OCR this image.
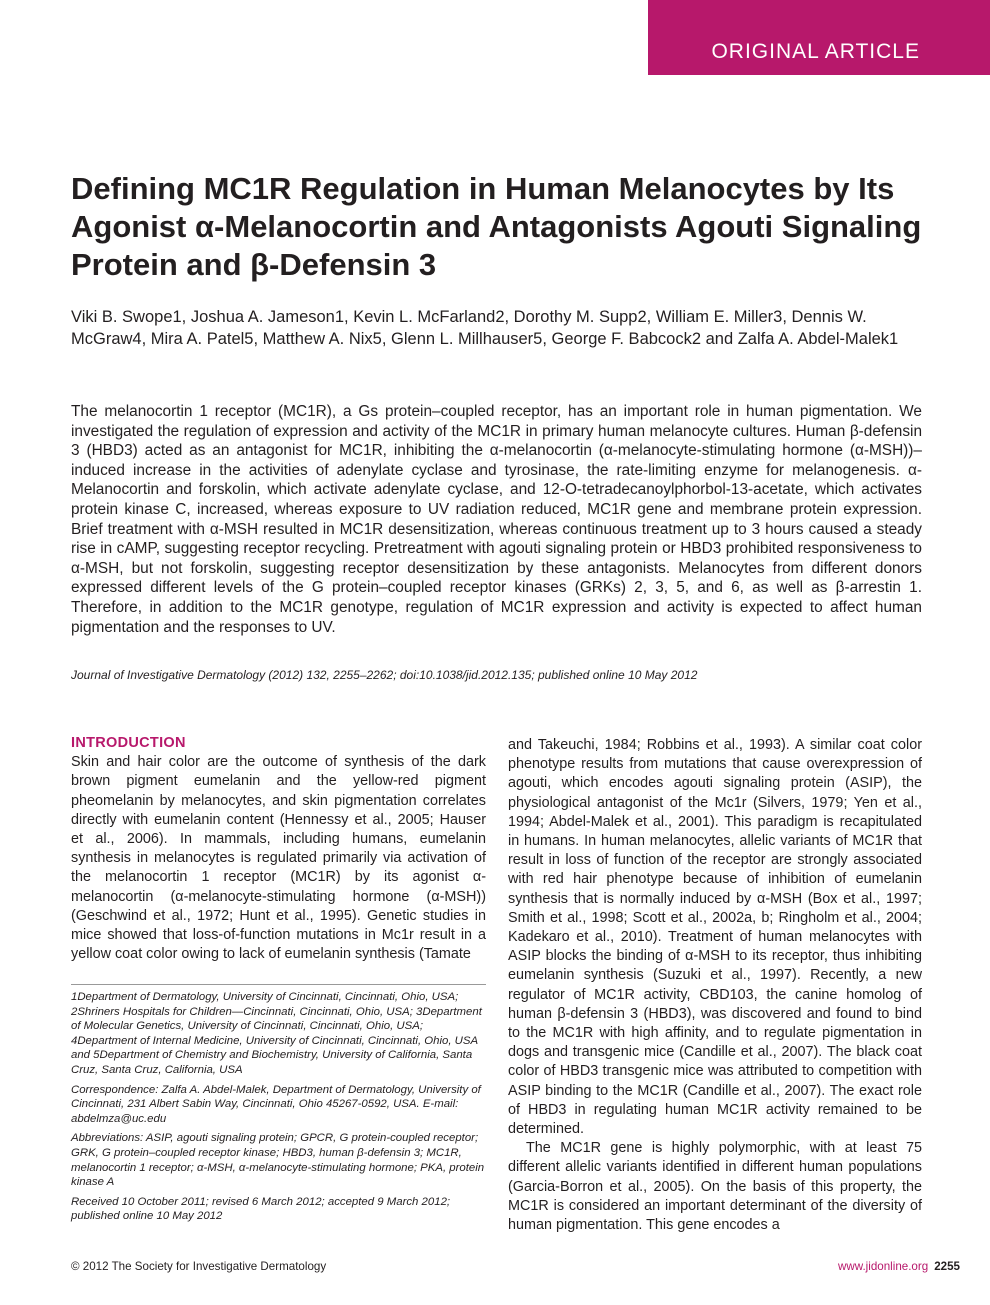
ORIGINAL ARTICLE
Defining MC1R Regulation in Human Melanocytes by Its Agonist α-Melanocortin and Antagonists Agouti Signaling Protein and β-Defensin 3
Viki B. Swope1, Joshua A. Jameson1, Kevin L. McFarland2, Dorothy M. Supp2, William E. Miller3, Dennis W. McGraw4, Mira A. Patel5, Matthew A. Nix5, Glenn L. Millhauser5, George F. Babcock2 and Zalfa A. Abdel-Malek1
The melanocortin 1 receptor (MC1R), a Gs protein–coupled receptor, has an important role in human pigmentation. We investigated the regulation of expression and activity of the MC1R in primary human melanocyte cultures. Human β-defensin 3 (HBD3) acted as an antagonist for MC1R, inhibiting the α-melanocortin (α-melanocyte-stimulating hormone (α-MSH))–induced increase in the activities of adenylate cyclase and tyrosinase, the rate-limiting enzyme for melanogenesis. α-Melanocortin and forskolin, which activate adenylate cyclase, and 12-O-tetradecanoylphorbol-13-acetate, which activates protein kinase C, increased, whereas exposure to UV radiation reduced, MC1R gene and membrane protein expression. Brief treatment with α-MSH resulted in MC1R desensitization, whereas continuous treatment up to 3 hours caused a steady rise in cAMP, suggesting receptor recycling. Pretreatment with agouti signaling protein or HBD3 prohibited responsiveness to α-MSH, but not forskolin, suggesting receptor desensitization by these antagonists. Melanocytes from different donors expressed different levels of the G protein–coupled receptor kinases (GRKs) 2, 3, 5, and 6, as well as β-arrestin 1. Therefore, in addition to the MC1R genotype, regulation of MC1R expression and activity is expected to affect human pigmentation and the responses to UV.
Journal of Investigative Dermatology (2012) 132, 2255–2262; doi:10.1038/jid.2012.135; published online 10 May 2012
INTRODUCTION

Skin and hair color are the outcome of synthesis of the dark brown pigment eumelanin and the yellow-red pigment pheomelanin by melanocytes, and skin pigmentation correlates directly with eumelanin content (Hennessy et al., 2005; Hauser et al., 2006). In mammals, including humans, eumelanin synthesis in melanocytes is regulated primarily via activation of the melanocortin 1 receptor (MC1R) by its agonist α-melanocortin (α-melanocyte-stimulating hormone (α-MSH)) (Geschwind et al., 1972; Hunt et al., 1995). Genetic studies in mice showed that loss-of-function mutations in Mc1r result in a yellow coat color owing to lack of eumelanin synthesis (Tamate

1Department of Dermatology, University of Cincinnati, Cincinnati, Ohio, USA; 2Shriners Hospitals for Children—Cincinnati, Cincinnati, Ohio, USA; 3Department of Molecular Genetics, University of Cincinnati, Cincinnati, Ohio, USA; 4Department of Internal Medicine, University of Cincinnati, Cincinnati, Ohio, USA and 5Department of Chemistry and Biochemistry, University of California, Santa Cruz, Santa Cruz, California, USA

Correspondence: Zalfa A. Abdel-Malek, Department of Dermatology, University of Cincinnati, 231 Albert Sabin Way, Cincinnati, Ohio 45267-0592, USA. E-mail: abdelmza@uc.edu

Abbreviations: ASIP, agouti signaling protein; GPCR, G protein-coupled receptor; GRK, G protein–coupled receptor kinase; HBD3, human β-defensin 3; MC1R, melanocortin 1 receptor; α-MSH, α-melanocyte-stimulating hormone; PKA, protein kinase A

Received 10 October 2011; revised 6 March 2012; accepted 9 March 2012; published online 10 May 2012

and Takeuchi, 1984; Robbins et al., 1993). A similar coat color phenotype results from mutations that cause overexpression of agouti, which encodes agouti signaling protein (ASIP), the physiological antagonist of the Mc1r (Silvers, 1979; Yen et al., 1994; Abdel-Malek et al., 2001). This paradigm is recapitulated in humans. In human melanocytes, allelic variants of MC1R that result in loss of function of the receptor are strongly associated with red hair phenotype because of inhibition of eumelanin synthesis that is normally induced by α-MSH (Box et al., 1997; Smith et al., 1998; Scott et al., 2002a, b; Ringholm et al., 2004; Kadekaro et al., 2010). Treatment of human melanocytes with ASIP blocks the binding of α-MSH to its receptor, thus inhibiting eumelanin synthesis (Suzuki et al., 1997). Recently, a new regulator of MC1R activity, CBD103, the canine homolog of human β-defensin 3 (HBD3), was discovered and found to bind to the MC1R with high affinity, and to regulate pigmentation in dogs and transgenic mice (Candille et al., 2007). The black coat color of HBD3 transgenic mice was attributed to competition with ASIP binding to the MC1R (Candille et al., 2007). The exact role of HBD3 in regulating human MC1R activity remained to be determined.

The MC1R gene is highly polymorphic, with at least 75 different allelic variants identified in different human populations (Garcia-Borron et al., 2005). On the basis of this property, the MC1R is considered an important determinant of the diversity of human pigmentation. This gene encodes a

© 2012 The Society for Investigative Dermatology	www.jidonline.org 2255
